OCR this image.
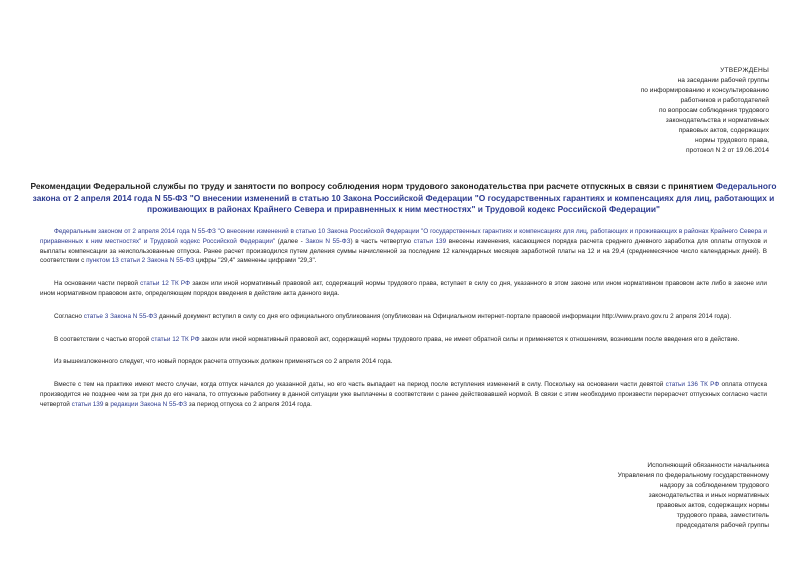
УТВЕРЖДЕНЫ
на заседании рабочей группы
по информированию и консультированию
работников и работодателей
по вопросам соблюдения трудового
законодательства и нормативных
правовых актов, содержащих
нормы трудового права,
протокол N 2 от 19.06.2014
Рекомендации Федеральной службы по труду и занятости по вопросу соблюдения норм трудового законодательства при расчете отпускных в связи с принятием Федерального закона от 2 апреля 2014 года N 55-ФЗ "О внесении изменений в статью 10 Закона Российской Федерации "О государственных гарантиях и компенсациях для лиц, работающих и проживающих в районах Крайнего Севера и приравненных к ним местностях" и Трудовой кодекс Российской Федерации"

Федеральным законом от 2 апреля 2014 года N 55-ФЗ "О внесении изменений в статью 10 Закона Российской Федерации "О государственных гарантиях и компенсациях для лиц, работающих и проживающих в районах Крайнего Севера и приравненных к ним местностях" и Трудовой кодекс Российской Федерации" (далее - Закон N 55-ФЗ) в часть четвертую статьи 139 внесены изменения, касающиеся порядка расчета среднего дневного заработка для оплаты отпусков и выплаты компенсации за неиспользованные отпуска. Ранее расчет производился путем деления суммы начисленной за последние 12 календарных месяцев заработной платы на 12 и на 29,4 (среднемесячное число календарных дней). В соответствии с пунктом 13 статьи 2 Закона N 55-ФЗ цифры "29,4" заменены цифрами "29,3".

На основании части первой статьи 12 ТК РФ закон или иной нормативный правовой акт, содержащий нормы трудового права, вступает в силу со дня, указанного в этом законе или ином нормативном правовом акте либо в законе или ином нормативном правовом акте, определяющем порядок введения в действие акта данного вида.

Согласно статье 3 Закона N 55-ФЗ данный документ вступил в силу со дня его официального опубликования (опубликован на Официальном интернет-портале правовой информации http://www.pravo.gov.ru 2 апреля 2014 года).

В соответствии с частью второй статьи 12 ТК РФ закон или иной нормативный правовой акт, содержащий нормы трудового права, не имеет обратной силы и применяется к отношениям, возникшим после введения его в действие.

Из вышеизложенного следует, что новый порядок расчета отпускных должен применяться со 2 апреля 2014 года.

Вместе с тем на практике имеют место случаи, когда отпуск начался до указанной даты, но его часть выпадает на период после вступления изменений в силу. Поскольку на основании части девятой статьи 136 ТК РФ оплата отпуска производится не позднее чем за три дня до его начала, то отпускные работнику в данной ситуации уже выплачены в соответствии с ранее действовавшей нормой. В связи с этим необходимо произвести перерасчет отпускных согласно части четвертой статьи 139 в редакции Закона N 55-ФЗ за период отпуска со 2 апреля 2014 года.

Исполняющий обязанности начальника
Управления по федеральному государственному
надзору за соблюдением трудового
законодательства и иных нормативных
правовых актов, содержащих нормы
трудового права, заместитель
председателя рабочей группы
